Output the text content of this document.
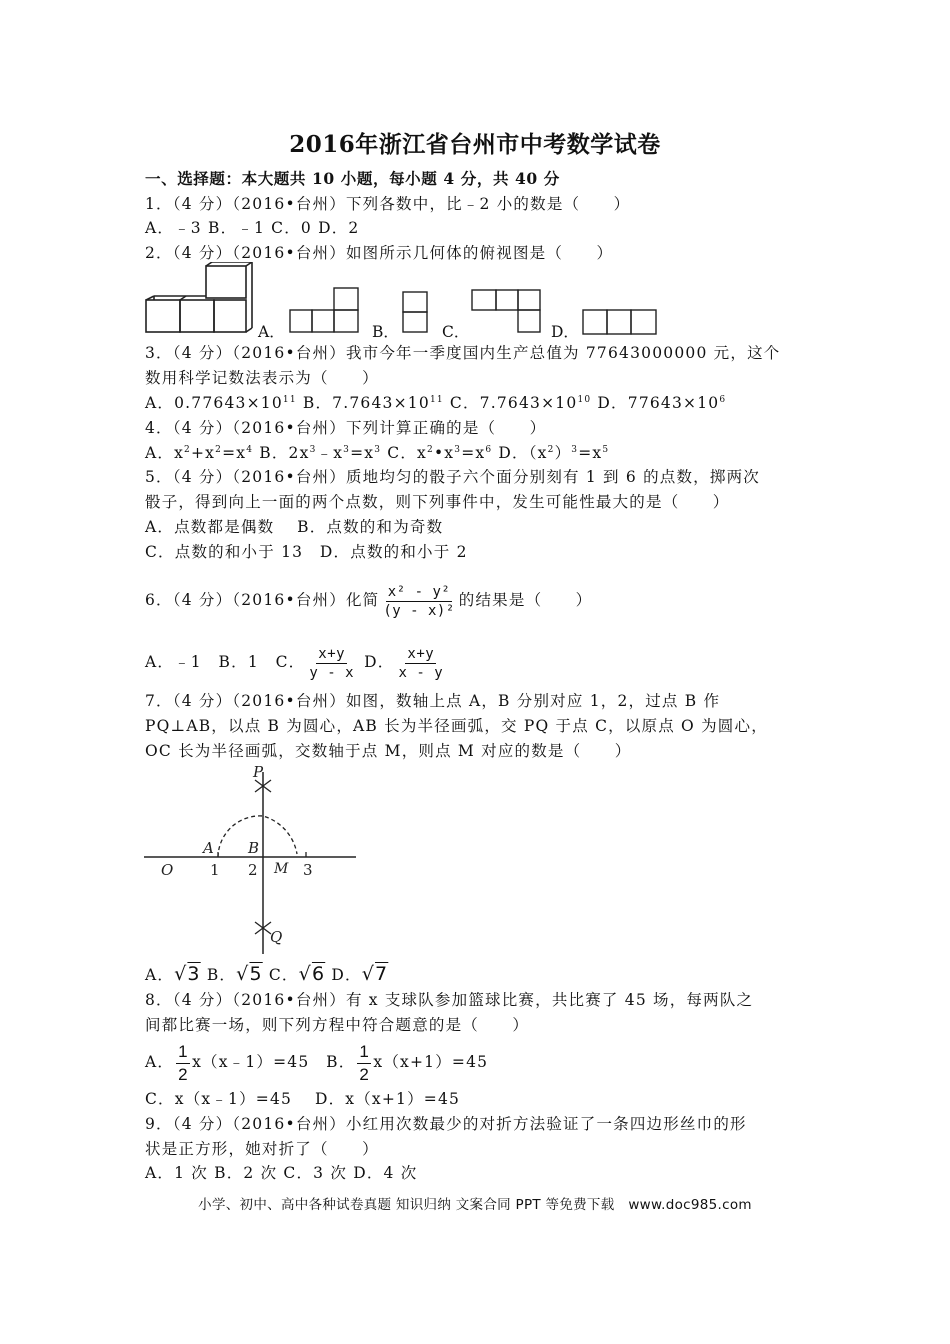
2016年浙江省台州市中考数学试卷
一、选择题：本大题共 10 小题，每小题 4 分，共 40 分
1．（4 分）（2016•台州）下列各数中，比﹣2 小的数是（　　）
A．﹣3 B．﹣1 C．0 D．2
2．（4 分）（2016•台州）如图所示几何体的俯视图是（　　）
A．	B．	C．	D．
3．（4 分）（2016•台州）我市今年一季度国内生产总值为 77643000000 元，这个
数用科学记数法表示为（　　）
A．$0.77643\times 10^{11}$ B．$7.7643\times 10^{11}$ C．$7.7643\times 10^{10}$ D．$77643\times 10^6$
4．（4 分）（2016•台州）下列计算正确的是（　　）
A．$x^2+x^2=x^4$ B．$2x^3﹣x^3=x^3$ C．$x^2•x^3=x^6$ D．$(x^2)^3=x^5$
5．（4 分）（2016•台州）质地均匀的骰子六个面分别刻有 1 到 6 的点数，掷两次
骰子，得到向上一面的两个点数，则下列事件中，发生可能性最大的是（　　）
A．点数都是偶数　 B．点数的和为奇数
C．点数的和小于 13　D．点数的和小于 2
6．（4 分）（2016•台州）化简 $\frac{\text{x² - y²}}{\text{(y - x)²}}$ 的结果是（　　）
A．﹣1　B．1　C． $\frac{x+y}{y - x}$ D． $\frac{x+y}{x - y}$
7．（4 分）（2016•台州）如图，数轴上点 A，B 分别对应 1，2，过点 B 作
PQ⊥AB，以点 B 为圆心，AB 长为半径画弧，交 PQ 于点 C，以原点 O 为圆心，
OC 长为半径画弧，交数轴于点 M，则点 M 对应的数是（　　）
P
Q
O
A B
M
1 2	3
A．√3 B．√5 C．√6 D．√7
8．（4 分）（2016•台州）有 x 支球队参加篮球比赛，共比赛了 45 场，每两队之
间都比赛一场，则下列方程中符合题意的是（　　）
A． $\frac{1}{2}$ x（x﹣1）=45　B． $\frac{1}{2} x(x+1)=45$
C．x（x﹣1）=45　 D．x（x+1）=45
9．（4 分）（2016•台州）小红用次数最少的对折方法验证了一条四边形丝巾的形
状是正方形，她对折了（　　）
A．1 次 B．2 次 C．3 次 D．4 次
小学、初中、高中各种试卷真题 知识归纳 文案合同 PPT 等免费下载　www.doc985.com
